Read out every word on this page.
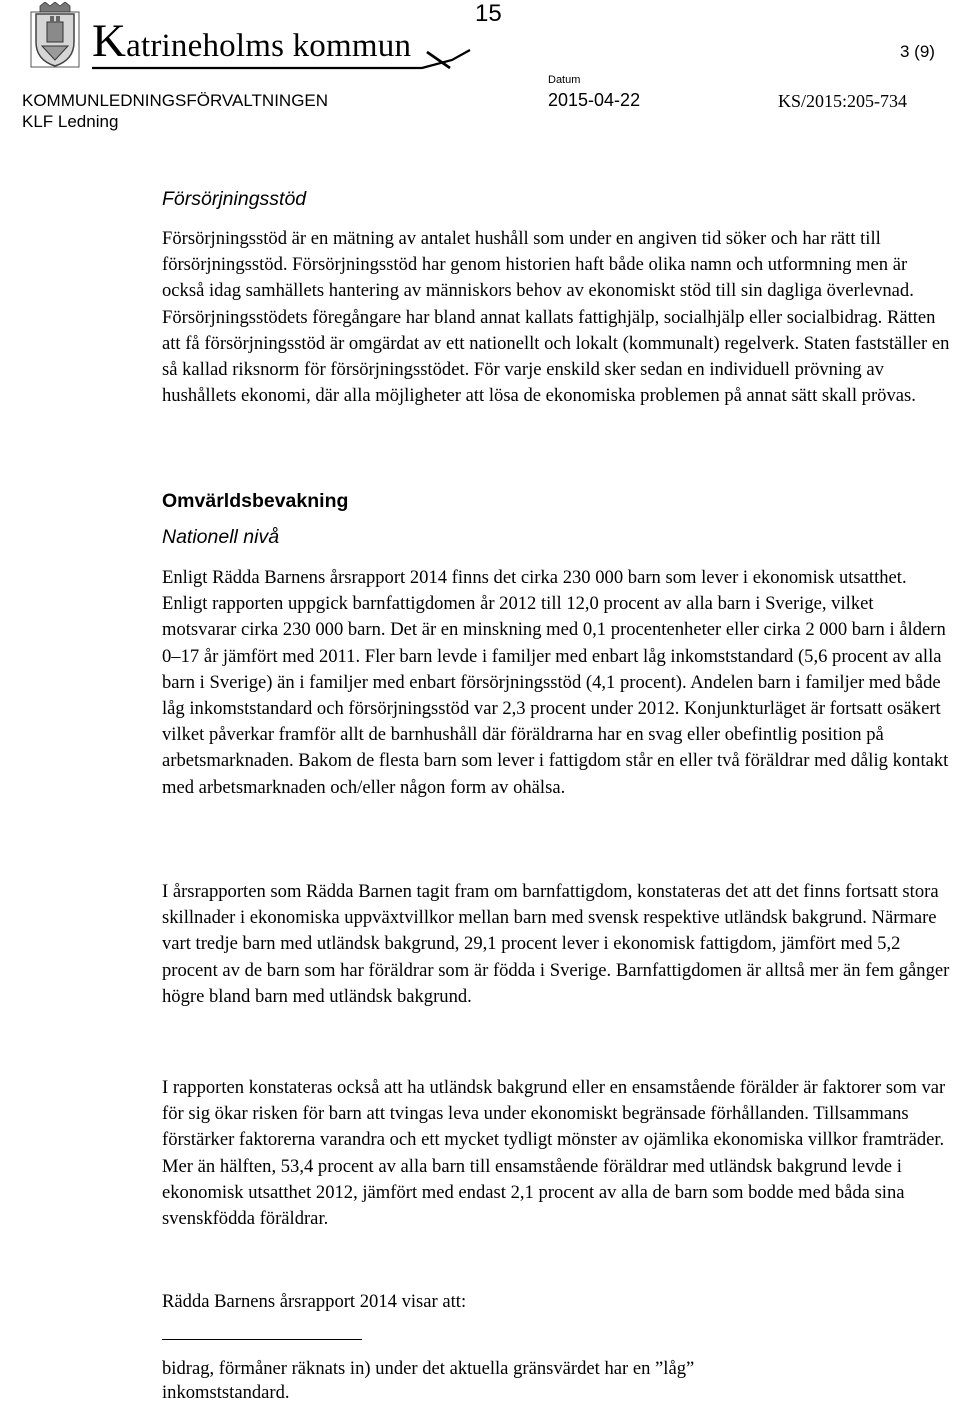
Katrineholms kommun
15
3 (9)
KOMMUNLEDNINGSFÖRVALTNINGEN
KLF Ledning
Datum
2015-04-22	KS/2015:205-734
Försörjningsstöd

Försörjningsstöd är en mätning av antalet hushåll som under en angiven tid söker och har rätt till försörjningsstöd. Försörjningsstöd har genom historien haft både olika namn och utformning men är också idag samhällets hantering av människors behov av ekonomiskt stöd till sin dagliga överlevnad. Försörjningsstödets föregångare har bland annat kallats fattighjälp, socialhjälp eller socialbidrag. Rätten att få försörjningsstöd är omgärdat av ett nationellt och lokalt (kommunalt) regelverk. Staten fastställer en så kallad riksnorm för försörjningsstödet. För varje enskild sker sedan en individuell prövning av hushållets ekonomi, där alla möjligheter att lösa de ekonomiska problemen på annat sätt skall prövas.

Omvärldsbevakning
Nationell nivå

Enligt Rädda Barnens årsrapport 2014 finns det cirka 230 000 barn som lever i ekonomisk utsatthet. Enligt rapporten uppgick barnfattigdomen år 2012 till 12,0 procent av alla barn i Sverige, vilket motsvarar cirka 230 000 barn. Det är en minskning med 0,1 procentenheter eller cirka 2 000 barn i åldern 0–17 år jämfört med 2011. Fler barn levde i familjer med enbart låg inkomststandard (5,6 procent av alla barn i Sverige) än i familjer med enbart försörjningsstöd (4,1 procent). Andelen barn i familjer med både låg inkomststandard och försörjningsstöd var 2,3 procent under 2012. Konjunkturläget är fortsatt osäkert vilket påverkar framför allt de barnhushåll där föräldrarna har en svag eller obefintlig position på arbetsmarknaden. Bakom de flesta barn som lever i fattigdom står en eller två föräldrar med dålig kontakt med arbetsmarknaden och/eller någon form av ohälsa.

I årsrapporten som Rädda Barnen tagit fram om barnfattigdom, konstateras det att det finns fortsatt stora skillnader i ekonomiska uppväxtvillkor mellan barn med svensk respektive utländsk bakgrund. Närmare vart tredje barn med utländsk bakgrund, 29,1 procent lever i ekonomisk fattigdom, jämfört med 5,2 procent av de barn som har föräldrar som är födda i Sverige. Barnfattigdomen är alltså mer än fem gånger högre bland barn med utländsk bakgrund.

I rapporten konstateras också att ha utländsk bakgrund eller en ensamstående förälder är faktorer som var för sig ökar risken för barn att tvingas leva under ekonomiskt begränsade förhållanden. Tillsammans förstärker faktorerna varandra och ett mycket tydligt mönster av ojämlika ekonomiska villkor framträder. Mer än hälften, 53,4 procent av alla barn till ensamstående föräldrar med utländsk bakgrund levde i ekonomisk utsatthet 2012, jämfört med endast 2,1 procent av alla de barn som bodde med båda sina svenskfödda föräldrar.

Rädda Barnens årsrapport 2014 visar att:

bidrag, förmåner räknats in) under det aktuella gränsvärdet har en ”låg”
inkomststandard.
